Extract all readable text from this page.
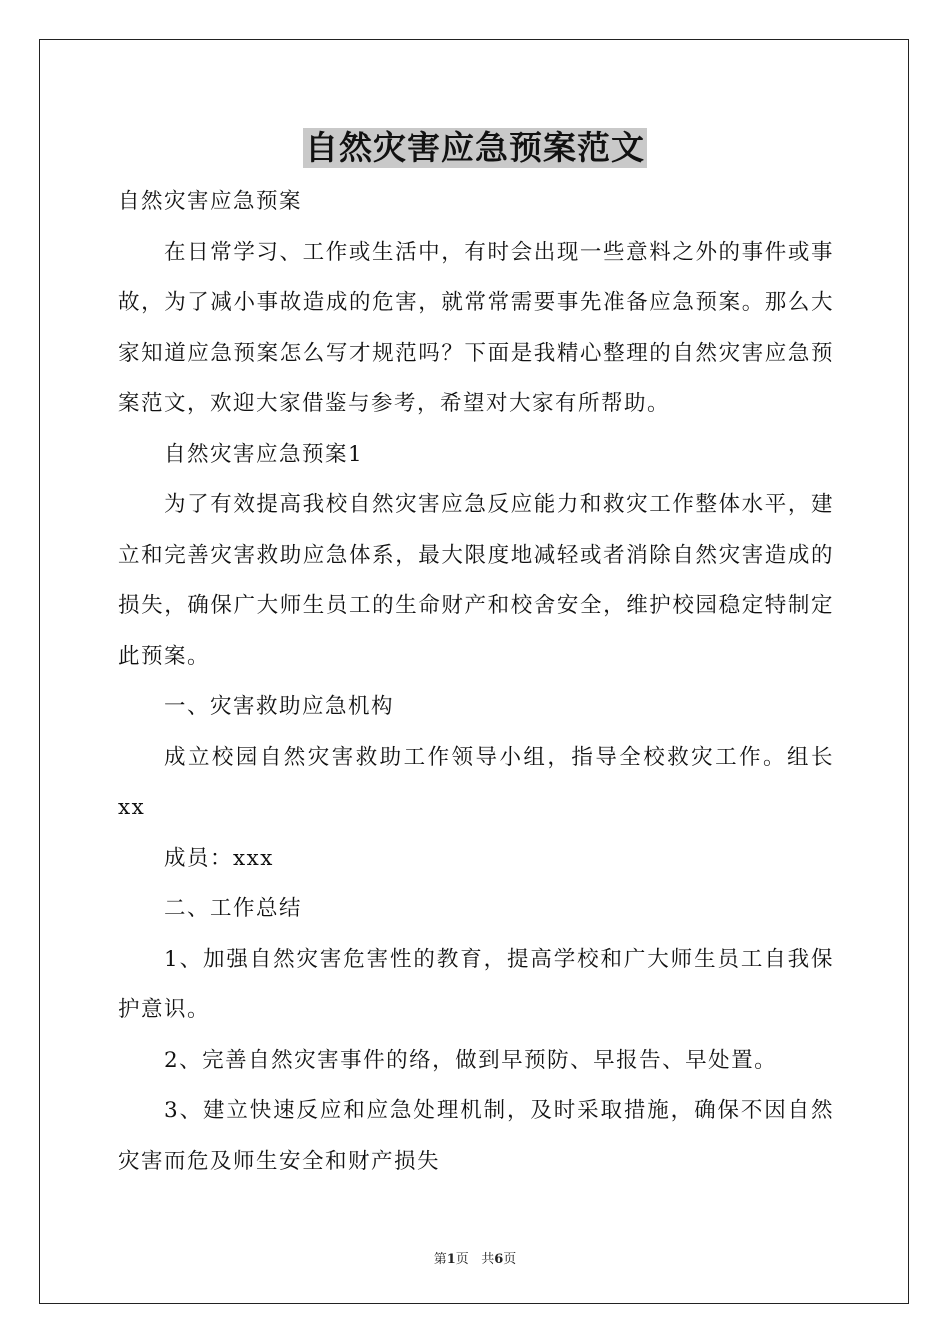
自然灾害应急预案范文

自然灾害应急预案

在日常学习、工作或生活中，有时会出现一些意料之外的事件或事故，为了减小事故造成的危害，就常常需要事先准备应急预案。那么大家知道应急预案怎么写才规范吗？下面是我精心整理的自然灾害应急预案范文，欢迎大家借鉴与参考，希望对大家有所帮助。

自然灾害应急预案1

为了有效提高我校自然灾害应急反应能力和救灾工作整体水平，建立和完善灾害救助应急体系，最大限度地减轻或者消除自然灾害造成的损失，确保广大师生员工的生命财产和校舍安全，维护校园稳定特制定此预案。

一、灾害救助应急机构

成立校园自然灾害救助工作领导小组，指导全校救灾工作。组长xx

成员：xxx

二、工作总结

1、加强自然灾害危害性的教育，提高学校和广大师生员工自我保护意识。

2、完善自然灾害事件的络，做到早预防、早报告、早处置。

3、建立快速反应和应急处理机制，及时采取措施，确保不因自然灾害而危及师生安全和财产损失

第1页 共6页
